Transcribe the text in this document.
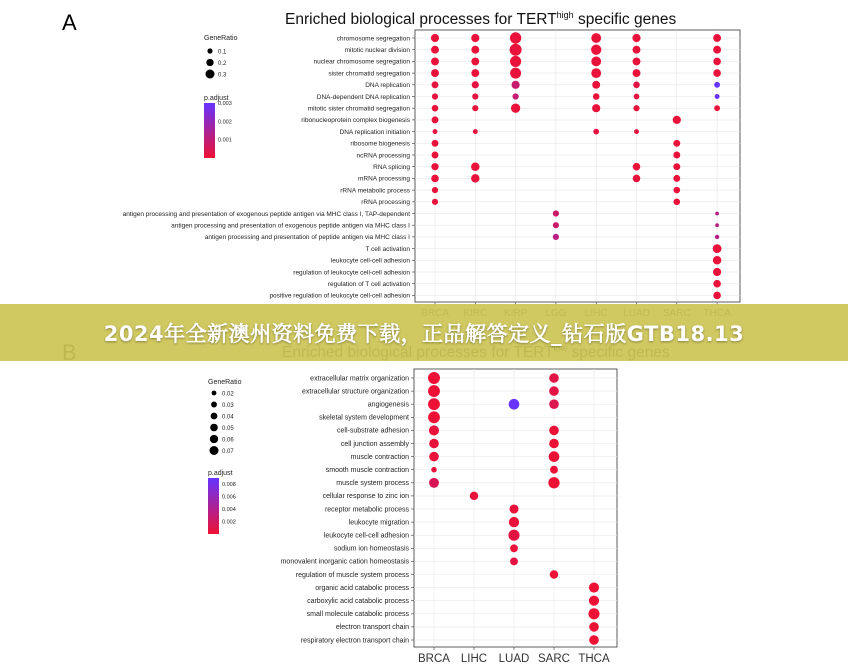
A	Enriched biological processes for $TERT^{high}$ specific genes
chromosome segregation
mitotic nuclear division
nuclear chromosome segregation
sister chromatid segregation
DNA replication
DNA-dependent DNA replication
mitotic sister chromatid segregation
ribonucleoprotein complex biogenesis
DNA replication initiation
ribosome biogenesis
ncRNA processing
RNA splicing
mRNA processing
rRNA metabolic process
rRNA processing
antigen processing and presentation of exogenous peptide antigen via MHC class I, TAP-dependent
antigen processing and presentation of exogenous peptide antigen via MHC class I
antigen processing and presentation of peptide antigen via MHC class I
T cell activation
leukocyte cell-cell adhesion
regulation of leukocyte cell-cell adhesion
regulation of T cell activation
positive regulation of leukocyte cell-cell adhesion
GeneRatio
0.1
0.2
0.3
p.adjust
0.003
0.002
0.001
extracellular matrix organization
extracellular structure organization
angiogenesis
skeletal system development
cell-substrate adhesion
cell junction assembly
muscle contraction
smooth muscle contraction
muscle system process
cellular response to zinc ion
receptor metabolic process
leukocyte migration
leukocyte cell-cell adhesion
sodium ion homeostasis
monovalent inorganic cation homeostasis
regulation of muscle system process
organic acid catabolic process
carboxylic acid catabolic process
small molecule catabolic process
electron transport chain
respiratory electron transport chain
BRCA LIHC LUAD SARC THCA
GeneRatio
0.02
0.03
0.04
0.05
0.06
0.07
p.adjust
0.008
0.006
0.004
0.002
2024年全新澳州资料免费下载，正品解答定义_钻石版GTB18.13
